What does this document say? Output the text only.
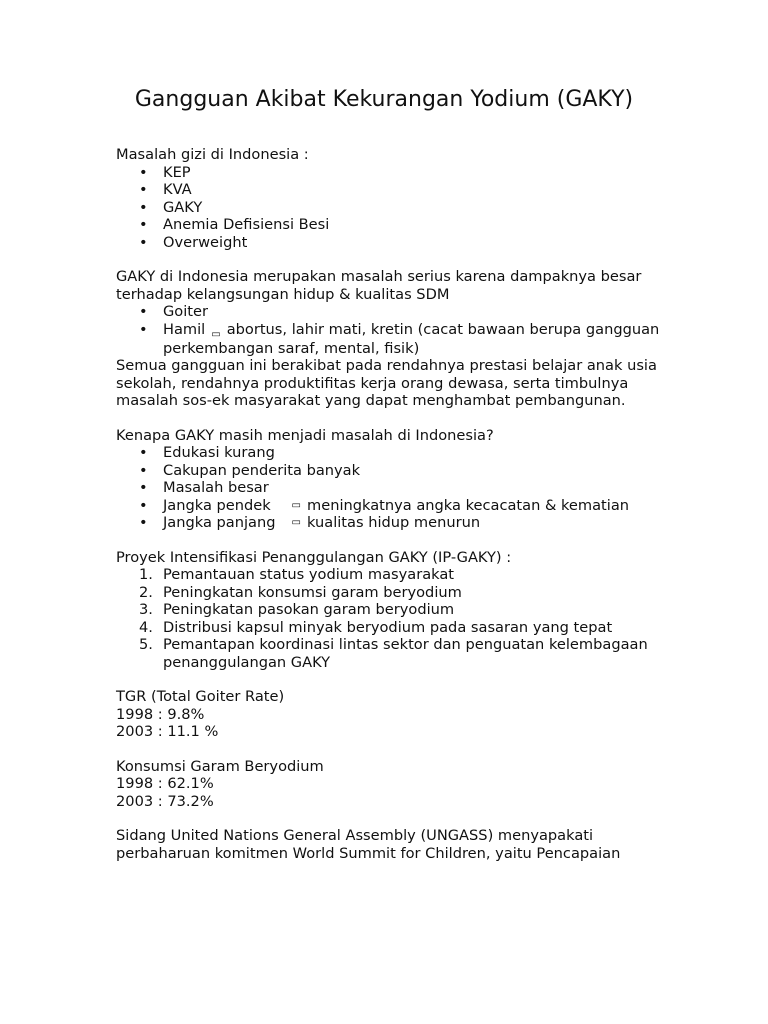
Gangguan Akibat Kekurangan Yodium (GAKY)

Masalah gizi di Indonesia :

• KEP
• KVA
• GAKY
• Anemia Defisiensi Besi
• Overweight

GAKY di Indonesia merupakan masalah serius karena dampaknya besar terhadap kelangsungan hidup & kualitas SDM

• Goiter
• Hamil ▭ abortus, lahir mati, kretin (cacat bawaan berupa gangguan perkembangan saraf, mental, fisik)

Semua gangguan ini berakibat pada rendahnya prestasi belajar anak usia sekolah, rendahnya produktifitas kerja orang dewasa, serta timbulnya masalah sos-ek masyarakat yang dapat menghambat pembangunan.

Kenapa GAKY masih menjadi masalah di Indonesia?

• Edukasi kurang
• Cakupan penderita banyak
• Masalah besar
• Jangka pendek ▭ meningkatnya angka kecacatan & kematian
• Jangka panjang ▭ kualitas hidup menurun

Proyek Intensifikasi Penanggulangan GAKY (IP-GAKY) :

1. Pemantauan status yodium masyarakat
2. Peningkatan konsumsi garam beryodium
3. Peningkatan pasokan garam beryodium
4. Distribusi kapsul minyak beryodium pada sasaran yang tepat
5. Pemantapan koordinasi lintas sektor dan penguatan kelembagaan penanggulangan GAKY

TGR (Total Goiter Rate)

1998 : 9.8%

2003 : 11.1 %

Konsumsi Garam Beryodium

1998 : 62.1%

2003 : 73.2%

Sidang United Nations General Assembly (UNGASS) menyapakati perbaharuan komitmen World Summit for Children, yaitu Pencapaian
